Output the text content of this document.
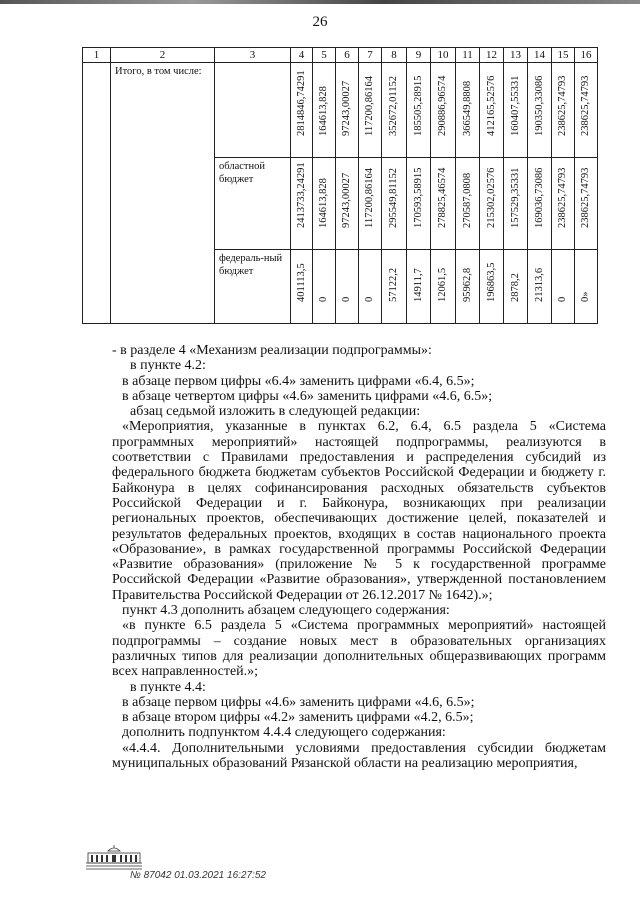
26
1	2	3	4	5	6	7	8	9	10	11	12	13	14	15	16
	Итого, в том числе:		2814846,74291	164613,828	97243,00027	117200,86164	352672,01152	185505,28915	290886,96574	366549,8808	412165,52576	160407,55331	190350,33086	238625,74793	238625,74793

		областной бюджет	2413733,24291	164613,828	97243,00027	117200,86164	295549,81152	170593,58915	278825,46574	270587,0808	215302,02576	157529,35331	169036,73086	238625,74793	238625,74793

		федераль-ный бюджет	401113,5	0	0	0	57122,2	14911,7	12061,5	95962,8	196863,5	2878,2	21313,6	0	0»

- в разделе 4 «Механизм реализации подпрограммы»:

в пункте 4.2:

в абзаце первом цифры «6.4» заменить цифрами «6.4, 6.5»;

в абзаце четвертом цифры «4.6» заменить цифрами «4.6, 6.5»;

абзац седьмой изложить в следующей редакции:

«Мероприятия, указанные в пунктах 6.2, 6.4, 6.5 раздела 5 «Система программных мероприятий» настоящей подпрограммы, реализуются в соответствии с Правилами предоставления и распределения субсидий из федерального бюджета бюджетам субъектов Российской Федерации и бюджету г. Байконура в целях софинансирования расходных обязательств субъектов Российской Федерации и г. Байконура, возникающих при реализации региональных проектов, обеспечивающих достижение целей, показателей и результатов федеральных проектов, входящих в состав национального проекта «Образование», в рамках государственной программы Российской Федерации «Развитие образования» (приложение № 5 к государственной программе Российской Федерации «Развитие образования», утвержденной постановлением Правительства Российской Федерации от 26.12.2017 № 1642).»;

пункт 4.3 дополнить абзацем следующего содержания:

«в пункте 6.5 раздела 5 «Система программных мероприятий» настоящей подпрограммы – создание новых мест в образовательных организациях различных типов для реализации дополнительных общеразвивающих программ всех направленностей.»;

в пункте 4.4:

в абзаце первом цифры «4.6» заменить цифрами «4.6, 6.5»;

в абзаце втором цифры «4.2» заменить цифрами «4.2, 6.5»;

дополнить подпунктом 4.4.4 следующего содержания:

«4.4.4. Дополнительными условиями предоставления субсидии бюджетам муниципальных образований Рязанской области на реализацию мероприятия,

№ 87042 01.03.2021 16:27:52
